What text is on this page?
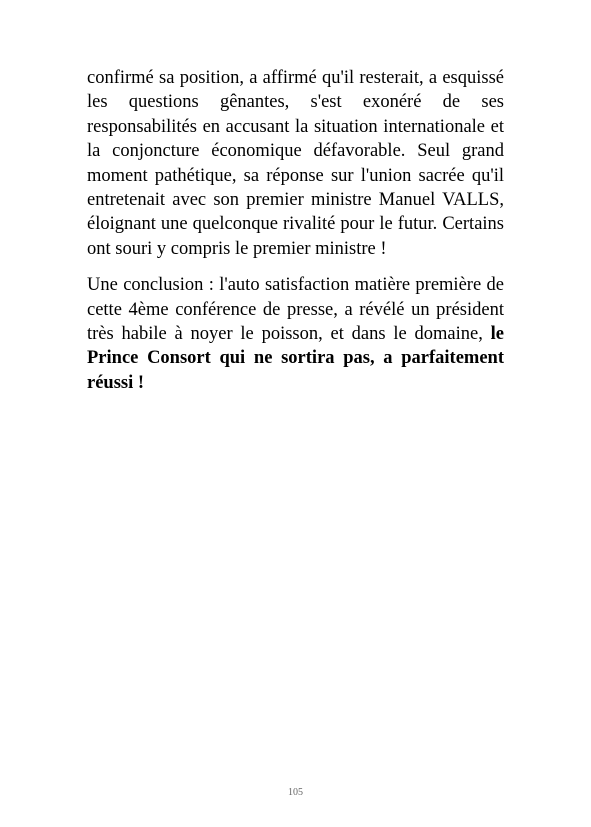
confirmé sa position, a affirmé qu'il resterait, a esquissé les questions gênantes, s'est exonéré de ses responsabilités en accusant la situation internationale et la conjoncture économique défavorable. Seul grand moment pathétique, sa réponse sur l'union sacrée qu'il entretenait avec son premier ministre Manuel VALLS, éloignant une quelconque rivalité pour le futur. Certains ont souri y compris le premier ministre !

Une conclusion : l'auto satisfaction matière première de cette 4ème conférence de presse, a révélé un président très habile à noyer le poisson, et dans le domaine, le Prince Consort qui ne sortira pas, a parfaitement réussi !

105
